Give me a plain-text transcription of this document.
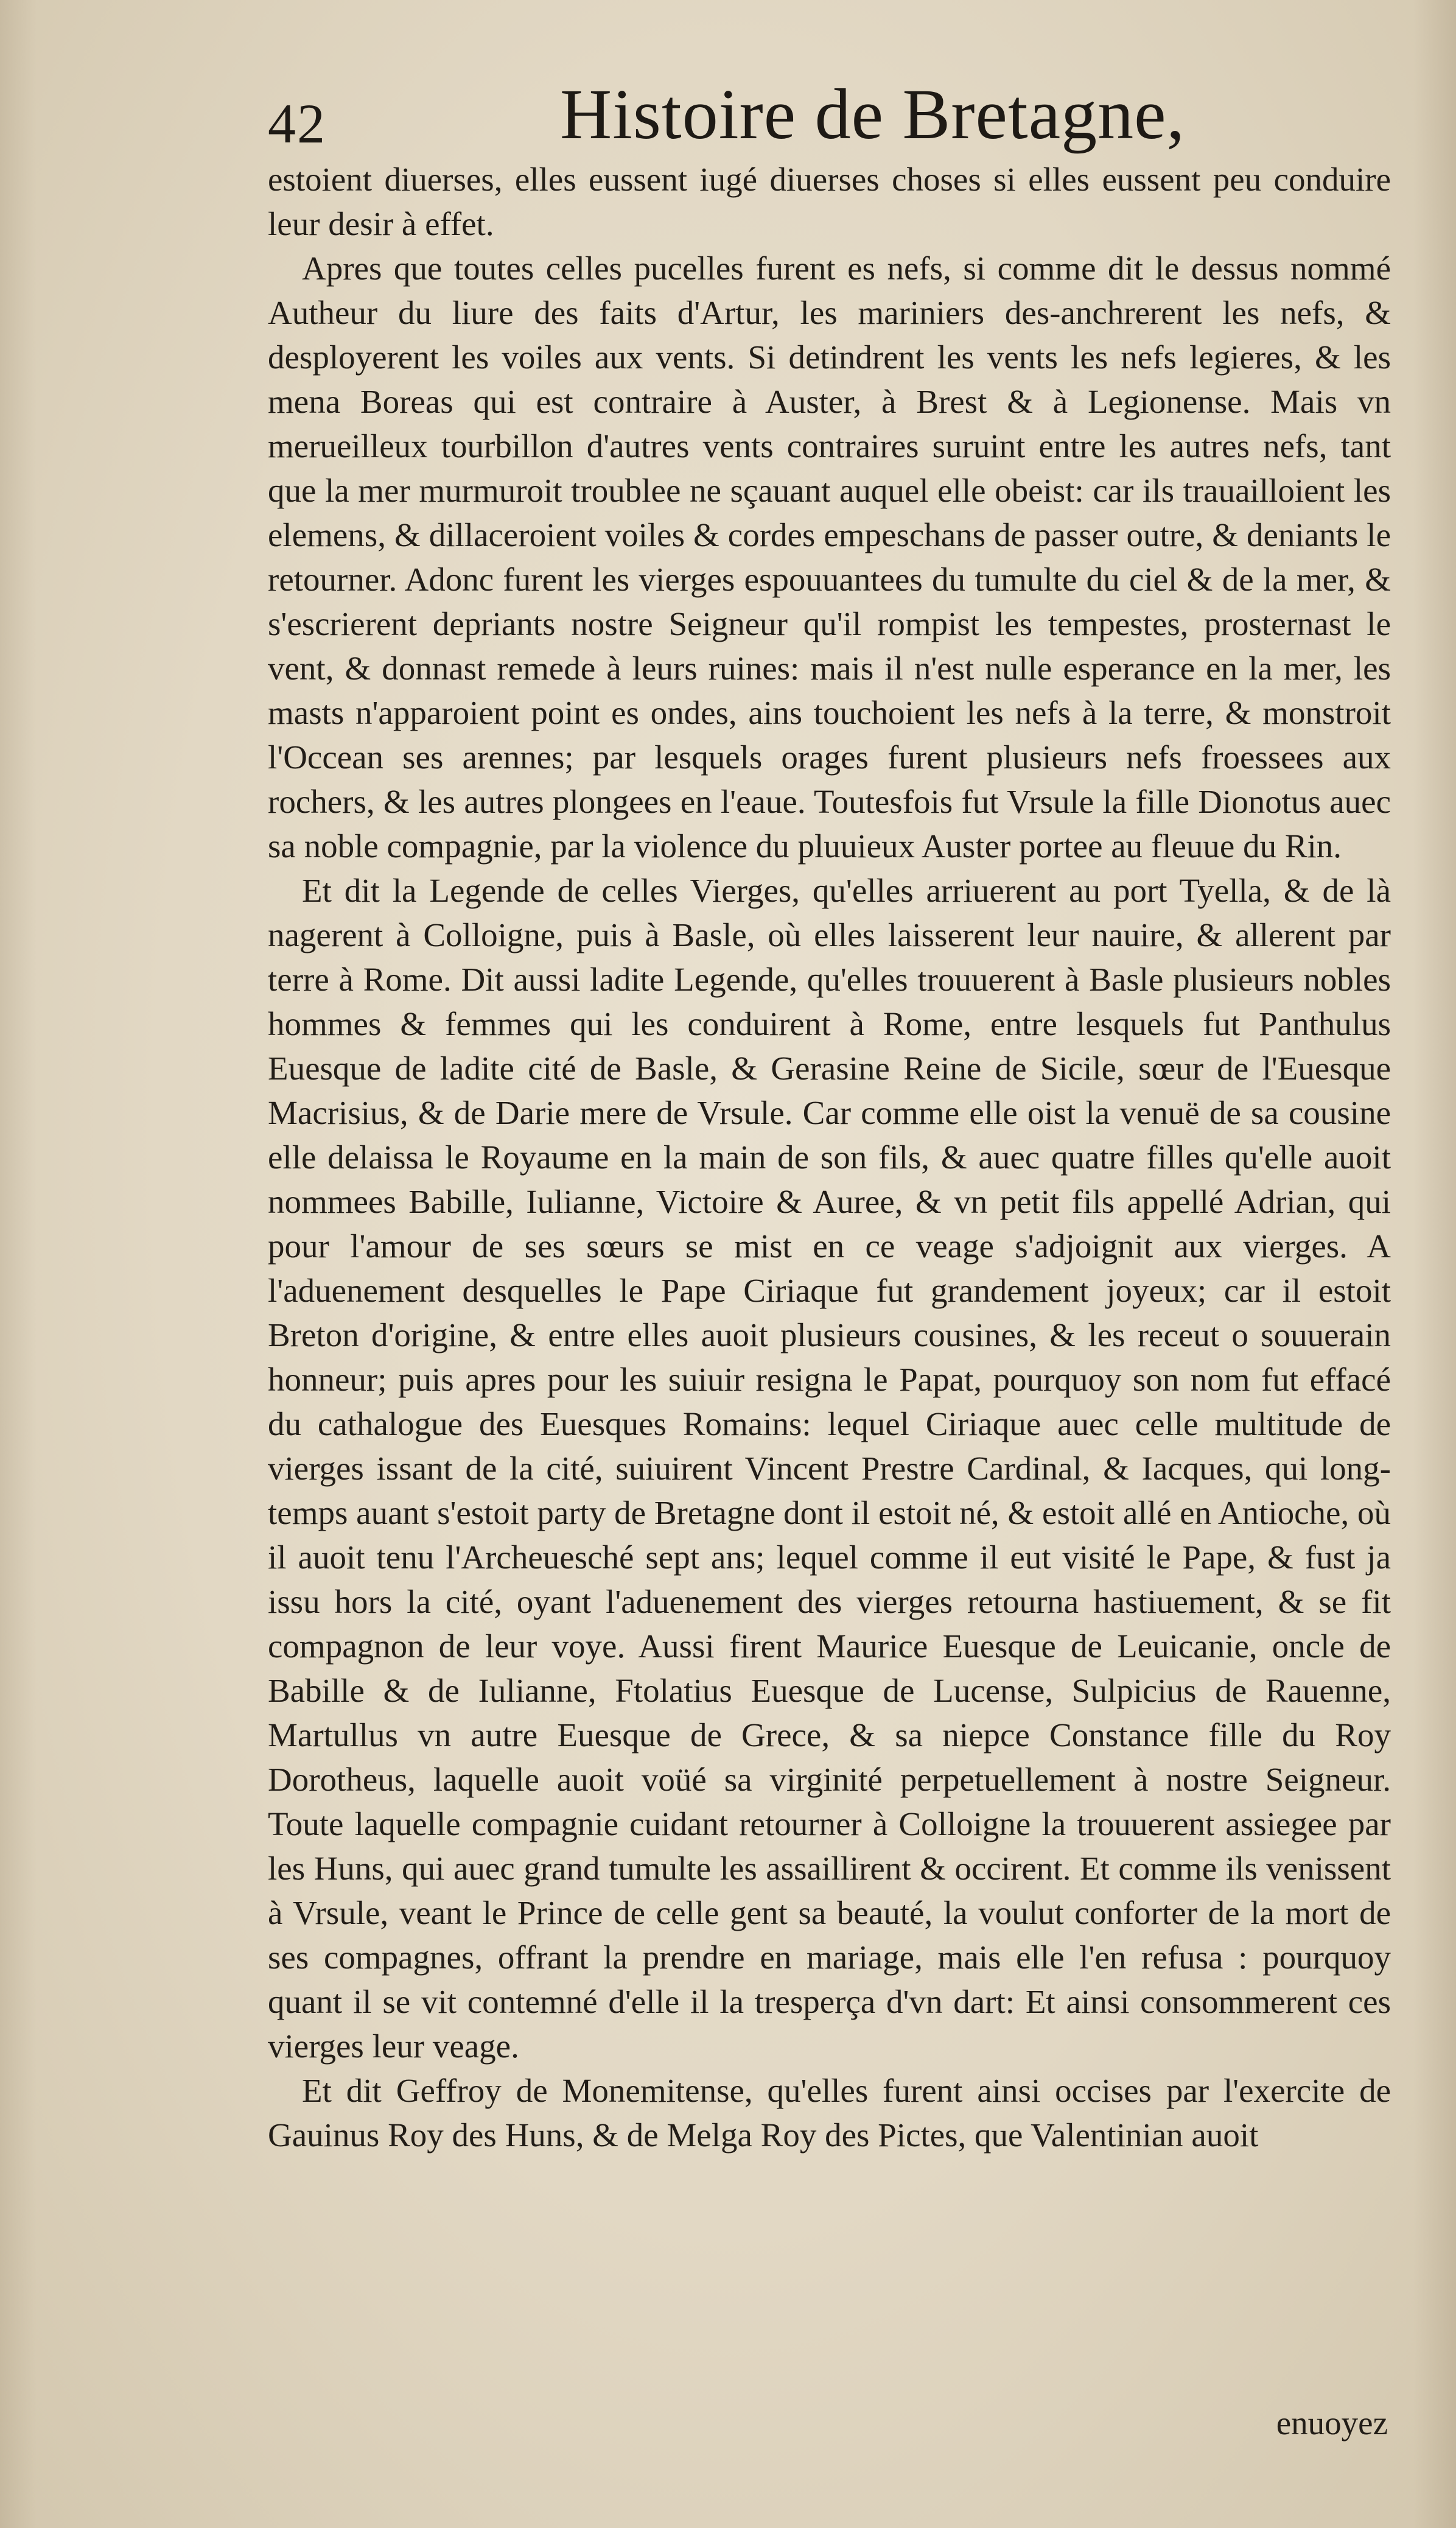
42	Histoire de Bretagne,

estoient diuerses, elles eussent iugé diuerses choses si elles eussent peu conduire leur desir à effet.

Apres que toutes celles pucelles furent es nefs, si comme dit le dessus nommé Autheur du liure des faits d'Artur, les mariniers des-anchrerent les nefs, & desployerent les voiles aux vents. Si detindrent les vents les nefs legieres, & les mena Boreas qui est contraire à Auster, à Brest & à Legionense. Mais vn merueilleux tourbillon d'autres vents contraires suruint entre les autres nefs, tant que la mer murmuroit troublee ne sçauant auquel elle obeist: car ils trauailloient les elemens, & dillaceroient voiles & cordes empeschans de passer outre, & deniants le retourner. Adonc furent les vierges espouuantees du tumulte du ciel & de la mer, & s'escrierent depriants nostre Seigneur qu'il rompist les tempestes, prosternast le vent, & donnast remede à leurs ruines: mais il n'est nulle esperance en la mer, les masts n'apparoient point es ondes, ains touchoient les nefs à la terre, & monstroit l'Occean ses arennes; par lesquels orages furent plusieurs nefs froessees aux rochers, & les autres plongees en l'eaue. Toutesfois fut Vrsule la fille Dionotus auec sa noble compagnie, par la violence du pluuieux Auster portee au fleuue du Rin.

Et dit la Legende de celles Vierges, qu'elles arriuerent au port Tyella, & de là nagerent à Colloigne, puis à Basle, où elles laisserent leur nauire, & allerent par terre à Rome. Dit aussi ladite Legende, qu'elles trouuerent à Basle plusieurs nobles hommes & femmes qui les conduirent à Rome, entre lesquels fut Panthulus Euesque de ladite cité de Basle, & Gerasine Reine de Sicile, sœur de l'Euesque Macrisius, & de Darie mere de Vrsule. Car comme elle oist la venuë de sa cousine elle delaissa le Royaume en la main de son fils, & auec quatre filles qu'elle auoit nommees Babille, Iulianne, Victoire & Auree, & vn petit fils appellé Adrian, qui pour l'amour de ses sœurs se mist en ce veage s'adjoignit aux vierges. A l'aduenement desquelles le Pape Ciriaque fut grandement joyeux; car il estoit Breton d'origine, & entre elles auoit plusieurs cousines, & les receut o souuerain honneur; puis apres pour les suiuir resigna le Papat, pourquoy son nom fut effacé du cathalogue des Euesques Romains: lequel Ciriaque auec celle multitude de vierges issant de la cité, suiuirent Vincent Prestre Cardinal, & Iacques, qui long-temps auant s'estoit party de Bretagne dont il estoit né, & estoit allé en Antioche, où il auoit tenu l'Archeuesché sept ans; lequel comme il eut visité le Pape, & fust ja issu hors la cité, oyant l'aduenement des vierges retourna hastiuement, & se fit compagnon de leur voye. Aussi firent Maurice Euesque de Leuicanie, oncle de Babille & de Iulianne, Ftolatius Euesque de Lucense, Sulpicius de Rauenne, Martullus vn autre Euesque de Grece, & sa niepce Constance fille du Roy Dorotheus, laquelle auoit voüé sa virginité perpetuellement à nostre Seigneur. Toute laquelle compagnie cuidant retourner à Colloigne la trouuerent assiegee par les Huns, qui auec grand tumulte les assaillirent & occirent. Et comme ils venissent à Vrsule, veant le Prince de celle gent sa beauté, la voulut conforter de la mort de ses compagnes, offrant la prendre en mariage, mais elle l'en refusa : pourquoy quant il se vit contemné d'elle il la tresperça d'vn dart: Et ainsi consommerent ces vierges leur veage.

Et dit Geffroy de Monemitense, qu'elles furent ainsi occises par l'exercite de Gauinus Roy des Huns, & de Melga Roy des Pictes, que Valentinian auoit

enuoyez
